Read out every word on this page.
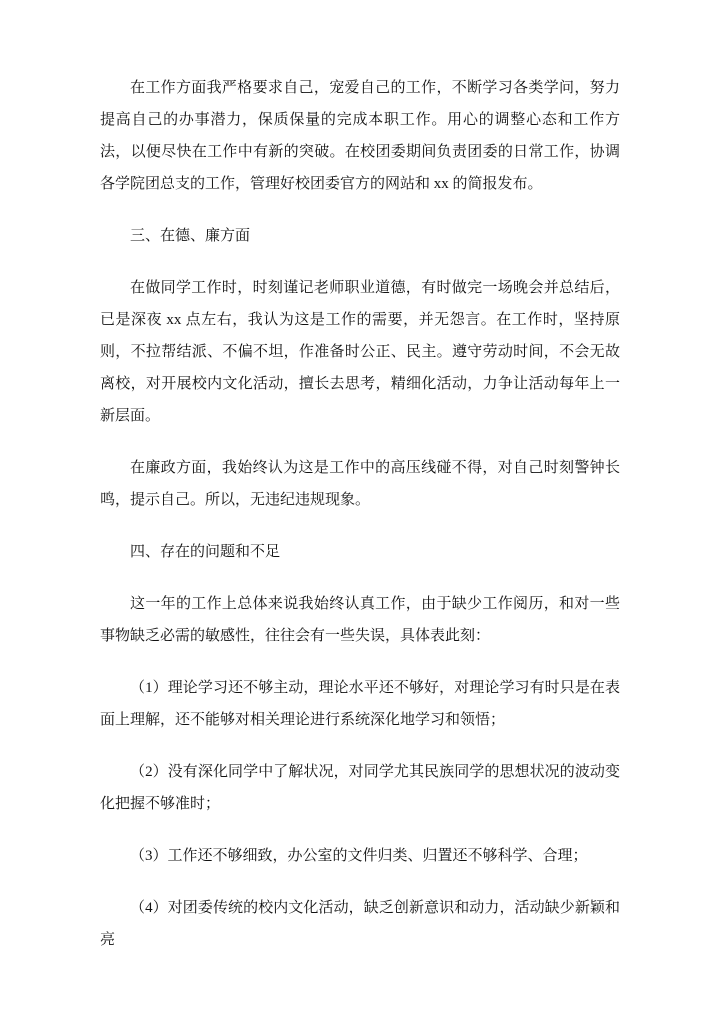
在工作方面我严格要求自己，宠爱自己的工作，不断学习各类学问，努力提高自己的办事潜力，保质保量的完成本职工作。用心的调整心态和工作方法，以便尽快在工作中有新的突破。在校团委期间负责团委的日常工作，协调各学院团总支的工作，管理好校团委官方的网站和 xx 的简报发布。

三、在德、廉方面

在做同学工作时，时刻谨记老师职业道德，有时做完一场晚会并总结后，已是深夜 xx 点左右，我认为这是工作的需要，并无怨言。在工作时，坚持原则，不拉帮结派、不偏不坦，作准备时公正、民主。遵守劳动时间，不会无故离校，对开展校内文化活动，擅长去思考，精细化活动，力争让活动每年上一新层面。

在廉政方面，我始终认为这是工作中的高压线碰不得，对自己时刻警钟长鸣，提示自己。所以，无违纪违规现象。

四、存在的问题和不足

这一年的工作上总体来说我始终认真工作，由于缺少工作阅历，和对一些事物缺乏必需的敏感性，往往会有一些失误，具体表此刻：

（1）理论学习还不够主动，理论水平还不够好，对理论学习有时只是在表面上理解，还不能够对相关理论进行系统深化地学习和领悟；

（2）没有深化同学中了解状况，对同学尤其民族同学的思想状况的波动变化把握不够准时；

（3）工作还不够细致，办公室的文件归类、归置还不够科学、合理；

（4）对团委传统的校内文化活动，缺乏创新意识和动力，活动缺少新颖和亮
